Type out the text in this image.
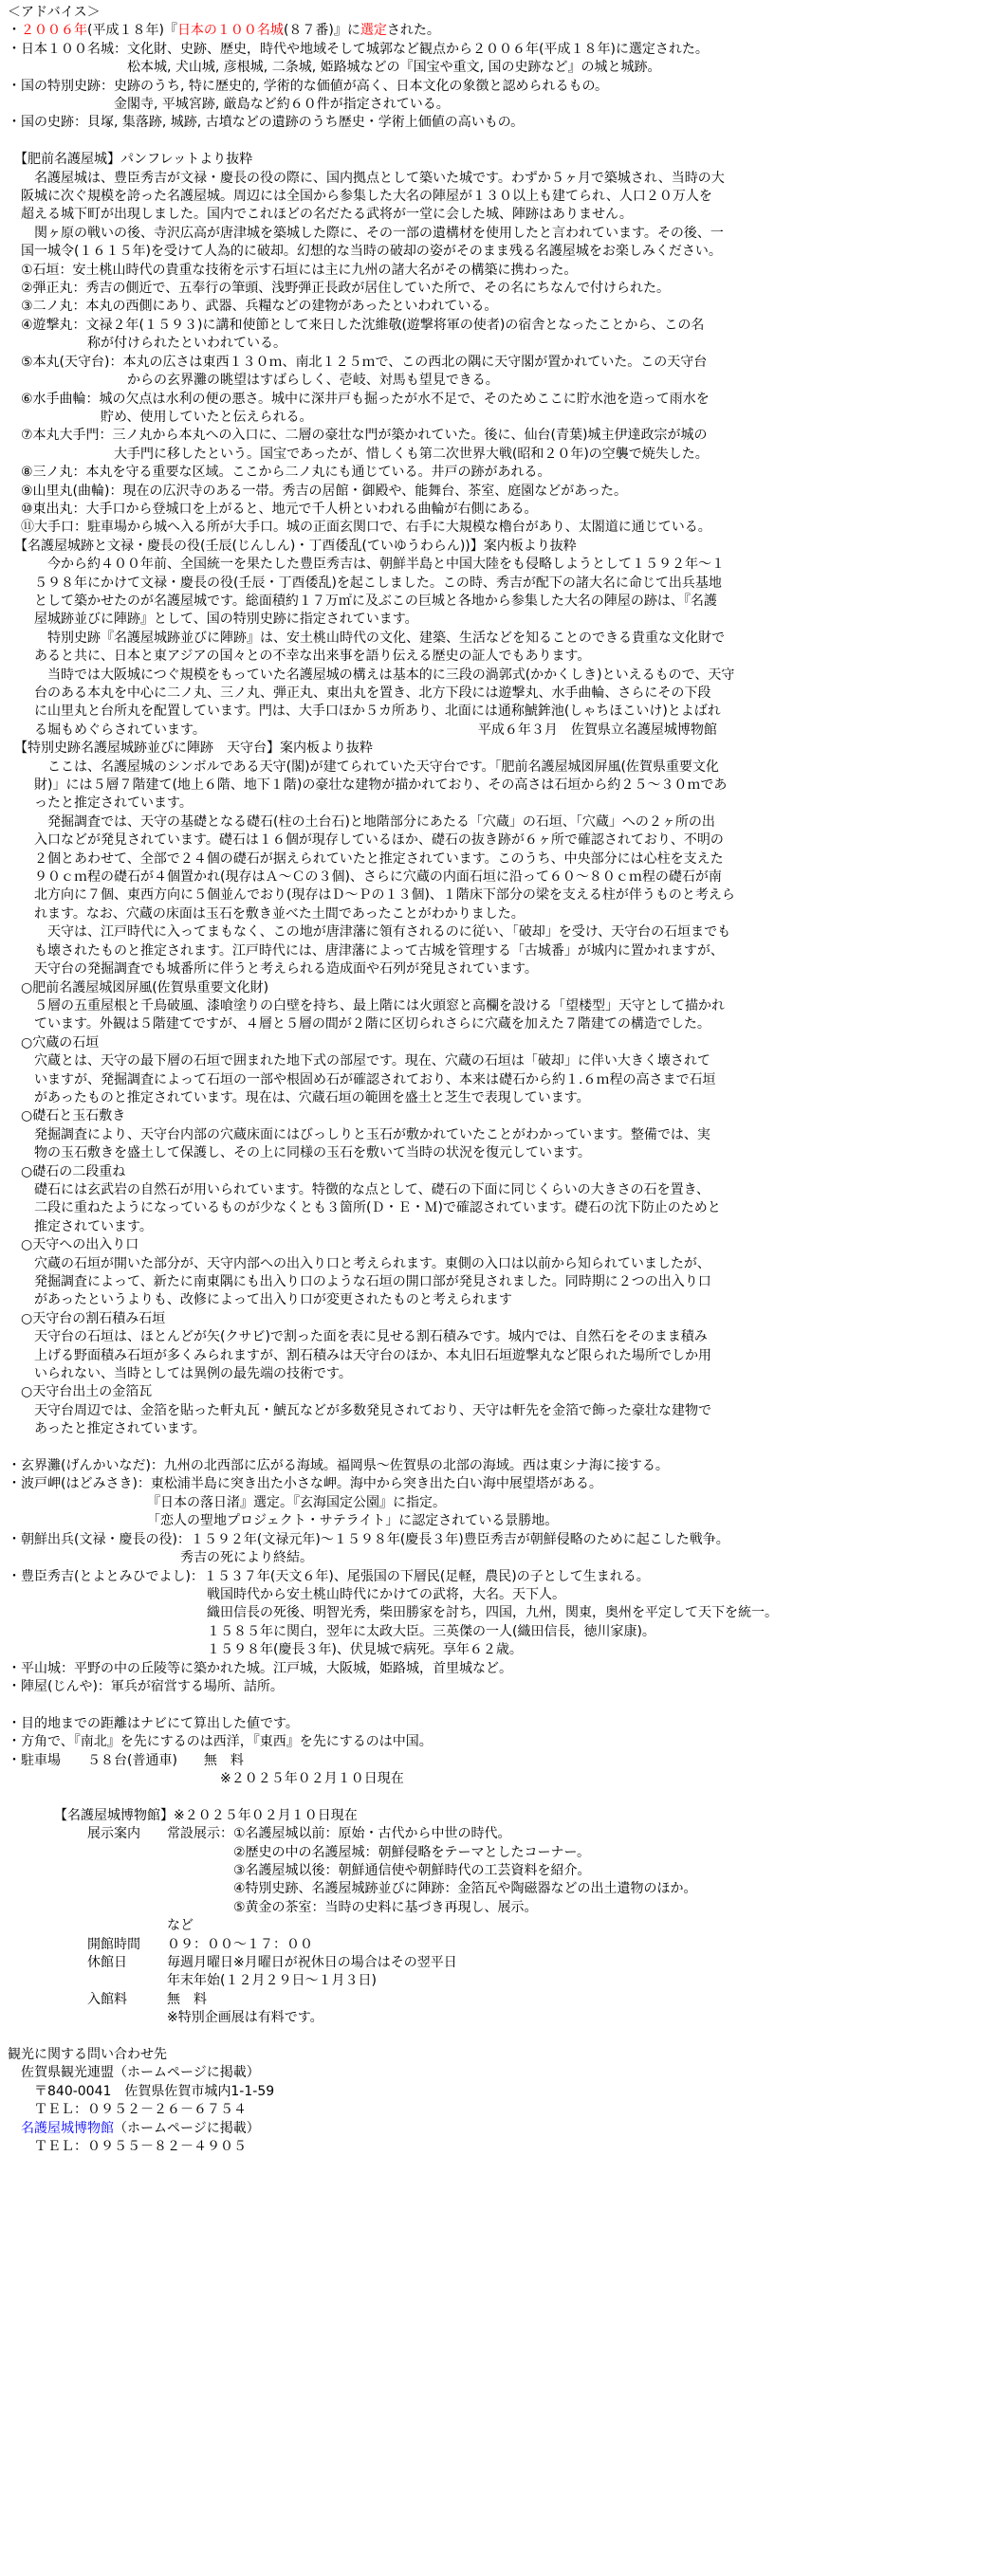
＜アドバイス＞
・２００６年(平成１８年)『日本の１００名城(８７番)』に選定された。
・日本１００名城：文化財、史跡、歴史，時代や地域そして城郭など観点から２００６年(平成１８年)に選定された。
　　　　　　　　　松本城, 犬山城, 彦根城, 二条城, 姫路城などの『国宝や重文, 国の史跡など』の城と城跡。
・国の特別史跡：史跡のうち, 特に歴史的, 学術的な価値が高く、日本文化の象徴と認められるもの。
　　　　　　　　金閣寺, 平城宮跡, 厳島など約６０件が指定されている。
・国の史跡：貝塚, 集落跡, 城跡, 古墳などの遺跡のうち歴史・学術上価値の高いもの。
　【肥前名護屋城】パンフレットより抜粋
　　名護屋城は、豊臣秀吉が文禄・慶長の役の際に、国内拠点として築いた城です。わずか５ヶ月で築城され、当時の大
　阪城に次ぐ規模を誇った名護屋城。周辺には全国から参集した大名の陣屋が１３０以上も建てられ、人口２０万人を
　超える城下町が出現しました。国内でこれほどの名だたる武将が一堂に会した城、陣跡はありません。
　　関ヶ原の戦いの後、寺沢広高が唐津城を築城した際に、その一部の遺構材を使用したと言われています。その後、一
　国一城令(１６１５年)を受けて人為的に破却。幻想的な当時の破却の姿がそのまま残る名護屋城をお楽しみください。
　①石垣：安土桃山時代の貴重な技術を示す石垣には主に九州の諸大名がその構築に携わった。
　②弾正丸：秀吉の側近で、五奉行の筆頭、浅野弾正長政が居住していた所で、その名にちなんで付けられた。
　③二ノ丸：本丸の西側にあり、武器、兵糧などの建物があったといわれている。
　④遊撃丸：文禄２年(１５９３)に講和使節として来日した沈維敬(遊撃将軍の使者)の宿舎となったことから、この名
　　　　　　称が付けられたといわれている。
　⑤本丸(天守台)：本丸の広さは東西１３０ｍ、南北１２５ｍで、この西北の隅に天守閣が置かれていた。この天守台
　　　　　　　　　からの玄界灘の眺望はすばらしく、壱岐、対馬も望見できる。
　⑥水手曲輪：城の欠点は水利の便の悪さ。城中に深井戸も掘ったが水不足で、そのためここに貯水池を造って雨水を
　　　　　　　貯め、使用していたと伝えられる。
　⑦本丸大手門：三ノ丸から本丸への入口に、二層の豪壮な門が築かれていた。後に、仙台(青葉)城主伊達政宗が城の
　　　　　　　　大手門に移したという。国宝であったが、惜しくも第二次世界大戦(昭和２０年)の空襲で焼失した。
　⑧三ノ丸：本丸を守る重要な区域。ここから二ノ丸にも通じている。井戸の跡があれる。
　⑨山里丸(曲輪)：現在の広沢寺のある一帯。秀吉の居館・御殿や、能舞台、茶室、庭園などがあった。
　⑩東出丸：大手口から登城口を上がると、地元で千人枡といわれる曲輪が右側にある。
　⑪大手口：駐車場から城へ入る所が大手口。城の正面玄関口で、右手に大規模な櫓台があり、太閤道に通じている。
　【名護屋城跡と文禄・慶長の役(壬辰(じんしん)・丁酉倭乱(ていゆうわらん))】案内板より抜粋
　　　今から約４００年前、全国統一を果たした豊臣秀吉は、朝鮮半島と中国大陸をも侵略しようとして１５９２年～１
　　５９８年にかけて文禄・慶長の役(壬辰・丁酉倭乱)を起こしました。この時、秀吉が配下の諸大名に命じて出兵基地
　　として築かせたのが名護屋城です。総面積約１７万㎡に及ぶこの巨城と各地から参集した大名の陣屋の跡は、『名護
　　屋城跡並びに陣跡』として、国の特別史跡に指定されています。
　　　特別史跡『名護屋城跡並びに陣跡』は、安土桃山時代の文化、建築、生活などを知ることのできる貴重な文化財で
　　あると共に、日本と東アジアの国々との不幸な出来事を語り伝える歴史の証人でもあります。
　　　当時では大阪城につぐ規模をもっていた名護屋城の構えは基本的に三段の渦郭式(かかくしき)といえるもので、天守
　　台のある本丸を中心に二ノ丸、三ノ丸、弾正丸、東出丸を置き、北方下段には遊撃丸、水手曲輪、さらにその下段
　　に山里丸と台所丸を配置しています。門は、大手口ほか５カ所あり、北面には通称鯱鉾池(しゃちほこいけ)とよばれ
　　る堀もめぐらされています。　　　　　　　　　　　　　　　　　　　　　平成６年３月　佐賀県立名護屋城博物館
　【特別史跡名護屋城跡並びに陣跡　天守台】案内板より抜粋
　　　ここは、名護屋城のシンボルである天守(閣)が建てられていた天守台です。「肥前名護屋城図屏風(佐賀県重要文化
　　財)」には５層７階建て(地上６階、地下１階)の豪壮な建物が描かれており、その高さは石垣から約２５～３０ｍであ
　　ったと推定されています。
　　　発掘調査では、天守の基礎となる礎石(柱の土台石)と地階部分にあたる「穴蔵」の石垣、「穴蔵」への２ヶ所の出
　　入口などが発見されています。礎石は１６個が現存しているほか、礎石の抜き跡が６ヶ所で確認されており、不明の
　　２個とあわせて、全部で２４個の礎石が据えられていたと推定されています。このうち、中央部分には心柱を支えた
　　９０ｃｍ程の礎石が４個置かれ(現存はＡ～Ｃの３個)、さらに穴蔵の内面石垣に沿って６０～８０ｃｍ程の礎石が南
　　北方向に７個、東西方向に５個並んでおり(現存はＤ～Ｐの１３個)、１階床下部分の梁を支える柱が伴うものと考えら
　　れます。なお、穴蔵の床面は玉石を敷き並べた土間であったことがわかりました。
　　　天守は、江戸時代に入ってまもなく、この地が唐津藩に領有されるのに従い、「破却」を受け、天守台の石垣までも
　　も壊されたものと推定されます。江戸時代には、唐津藩によって古城を管理する「古城番」が城内に置かれますが、
　　天守台の発掘調査でも城番所に伴うと考えられる造成面や石列が発見されています。
　○肥前名護屋城図屏風(佐賀県重要文化財)
　　５層の五重屋根と千鳥破風、漆喰塗りの白壁を持ち、最上階には火頭窓と高欄を設ける「望楼型」天守として描かれ
　　ています。外観は５階建てですが、４層と５層の間が２階に区切られさらに穴蔵を加えた７階建ての構造でした。
　○穴蔵の石垣
　　穴蔵とは、天守の最下層の石垣で囲まれた地下式の部屋です。現在、穴蔵の石垣は「破却」に伴い大きく壊されて
　　いますが、発掘調査によって石垣の一部や根固め石が確認されており、本来は礎石から約１.６ｍ程の高さまで石垣
　　があったものと推定されています。現在は、穴蔵石垣の範囲を盛土と芝生で表現しています。
　○礎石と玉石敷き
　　発掘調査により、天守台内部の穴蔵床面にはびっしりと玉石が敷かれていたことがわかっています。整備では、実
　　物の玉石敷きを盛土して保護し、その上に同様の玉石を敷いて当時の状況を復元しています。
　○礎石の二段重ね
　　礎石には玄武岩の自然石が用いられています。特徴的な点として、礎石の下面に同じくらいの大きさの石を置き、
　　二段に重ねたようになっているものが少なくとも３箇所(Ｄ・Ｅ・Ｍ)で確認されています。礎石の沈下防止のためと
　　推定されています。
　○天守への出入り口
　　穴蔵の石垣が開いた部分が、天守内部への出入り口と考えられます。東側の入口は以前から知られていましたが、
　　発掘調査によって、新たに南東隅にも出入り口のような石垣の開口部が発見されました。同時期に２つの出入り口
　　があったというよりも、改修によって出入り口が変更されたものと考えられます
　○天守台の割石積み石垣
　　天守台の石垣は、ほとんどが矢(クサビ)で割った面を表に見せる割石積みです。城内では、自然石をそのまま積み
　　上げる野面積み石垣が多くみられますが、割石積みは天守台のほか、本丸旧石垣遊撃丸など限られた場所でしか用
　　いられない、当時としては異例の最先端の技術です。
　○天守台出土の金箔瓦
　　天守台周辺では、金箔を貼った軒丸瓦・鯱瓦などが多数発見されており、天守は軒先を金箔で飾った豪壮な建物で
　　あったと推定されています。
・玄界灘(げんかいなだ)：九州の北西部に広がる海域。福岡県～佐賀県の北部の海域。西は東シナ海に接する。
・波戸岬(はどみさき)：東松浦半島に突き出た小さな岬。海中から突き出た白い海中展望塔がある。
　　　　　　　　　　　『日本の落日渚』選定。『玄海国定公園』に指定。
　　　　　　　　　　　「恋人の聖地プロジェクト・サテライト」に認定されている景勝地。
・朝鮮出兵(文禄・慶長の役)：１５９２年(文禄元年)～１５９８年(慶長３年)豊臣秀吉が朝鮮侵略のために起こした戦争。
　　　　　　　　　　　　　秀吉の死により終結。
・豊臣秀吉(とよとみひでよし)：１５３７年(天文６年)、尾張国の下層民(足軽，農民)の子として生まれる。
　　　　　　　　　　　　　　　戦国時代から安土桃山時代にかけての武将，大名。天下人。
　　　　　　　　　　　　　　　織田信長の死後、明智光秀，柴田勝家を討ち，四国，九州，関東，奥州を平定して天下を統一。
　　　　　　　　　　　　　　　１５８５年に関白，翌年に太政大臣。三英傑の一人(織田信長，徳川家康)。
　　　　　　　　　　　　　　　１５９８年(慶長３年)、伏見城で病死。享年６２歳。
・平山城：平野の中の丘陵等に築かれた城。江戸城，大阪城，姫路城，首里城など。
・陣屋(じんや)：軍兵が宿営する場所、詰所。
・目的地までの距離はナビにて算出した値です。
・方角で、『南北』を先にするのは西洋，『東西』を先にするのは中国。
・駐車場　　５８台(普通車)　　無　料
　　　　　　　　　　　　　　　　※２０２５年０２月１０日現在
　　　　【名護屋城博物館】※２０２５年０２月１０日現在
　　　　　　展示案内　　常設展示：①名護屋城以前：原始・古代から中世の時代。
　　　　　　　　　　　　　　　　　②歴史の中の名護屋城：朝鮮侵略をテーマとしたコーナー。
　　　　　　　　　　　　　　　　　③名護屋城以後：朝鮮通信使や朝鮮時代の工芸資料を紹介。
　　　　　　　　　　　　　　　　　④特別史跡、名護屋城跡並びに陣跡：金箔瓦や陶磁器などの出土遺物のほか。
　　　　　　　　　　　　　　　　　⑤黄金の茶室：当時の史料に基づき再現し、展示。
　　　　　　　　　　　　など
　　　　　　開館時間　　０９：００～１７：００
　　　　　　休館日　　　毎週月曜日※月曜日が祝休日の場合はその翌平日
　　　　　　　　　　　　年末年始(１２月２９日～１月３日)
　　　　　　入館料　　　無　料
　　　　　　　　　　　　※特別企画展は有料です。
観光に関する問い合わせ先
　佐賀県観光連盟（ホームページに掲載）
　　〒840-0041　佐賀県佐賀市城内1-1-59
　　ＴＥＬ：０９５２－２６－６７５４
　名護屋城博物館（ホームページに掲載）
　　ＴＥＬ：０９５５－８２－４９０５
